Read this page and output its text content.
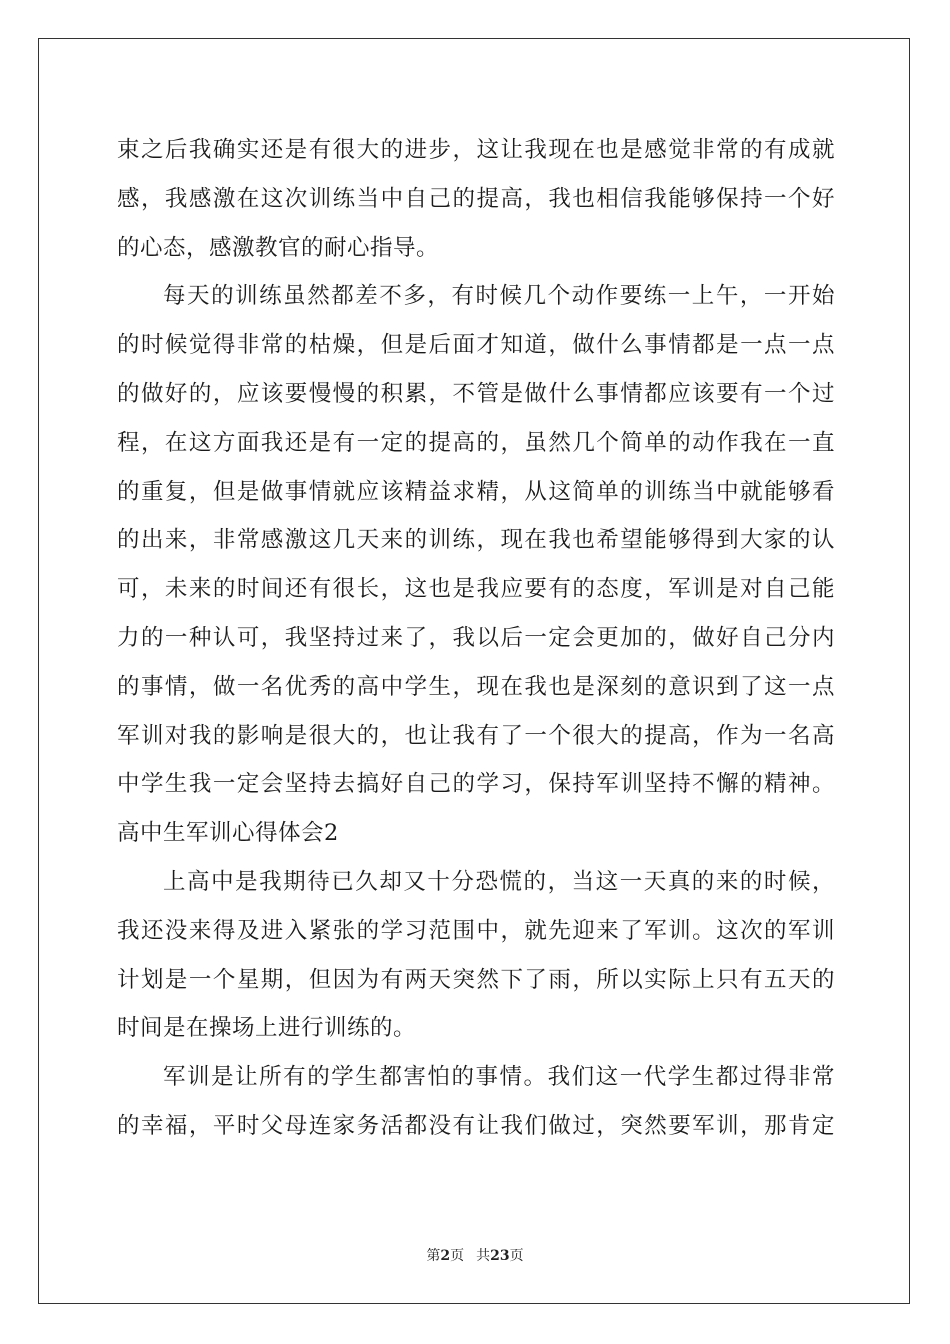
束之后我确实还是有很大的进步，这让我现在也是感觉非常的有成就
感，我感激在这次训练当中自己的提高，我也相信我能够保持一个好
的心态，感激教官的耐心指导。
每天的训练虽然都差不多，有时候几个动作要练一上午，一开始
的时候觉得非常的枯燥，但是后面才知道，做什么事情都是一点一点
的做好的，应该要慢慢的积累，不管是做什么事情都应该要有一个过
程，在这方面我还是有一定的提高的，虽然几个简单的动作我在一直
的重复，但是做事情就应该精益求精，从这简单的训练当中就能够看
的出来，非常感激这几天来的训练，现在我也希望能够得到大家的认
可，未来的时间还有很长，这也是我应要有的态度，军训是对自己能
力的一种认可，我坚持过来了，我以后一定会更加的，做好自己分内
的事情，做一名优秀的高中学生，现在我也是深刻的意识到了这一点
军训对我的影响是很大的，也让我有了一个很大的提高，作为一名高
中学生我一定会坚持去搞好自己的学习，保持军训坚持不懈的精神。
高中生军训心得体会2
上高中是我期待已久却又十分恐慌的，当这一天真的来的时候，
我还没来得及进入紧张的学习范围中，就先迎来了军训。这次的军训
计划是一个星期，但因为有两天突然下了雨，所以实际上只有五天的
时间是在操场上进行训练的。
军训是让所有的学生都害怕的事情。我们这一代学生都过得非常
的幸福，平时父母连家务活都没有让我们做过，突然要军训，那肯定
第2页 共23页
